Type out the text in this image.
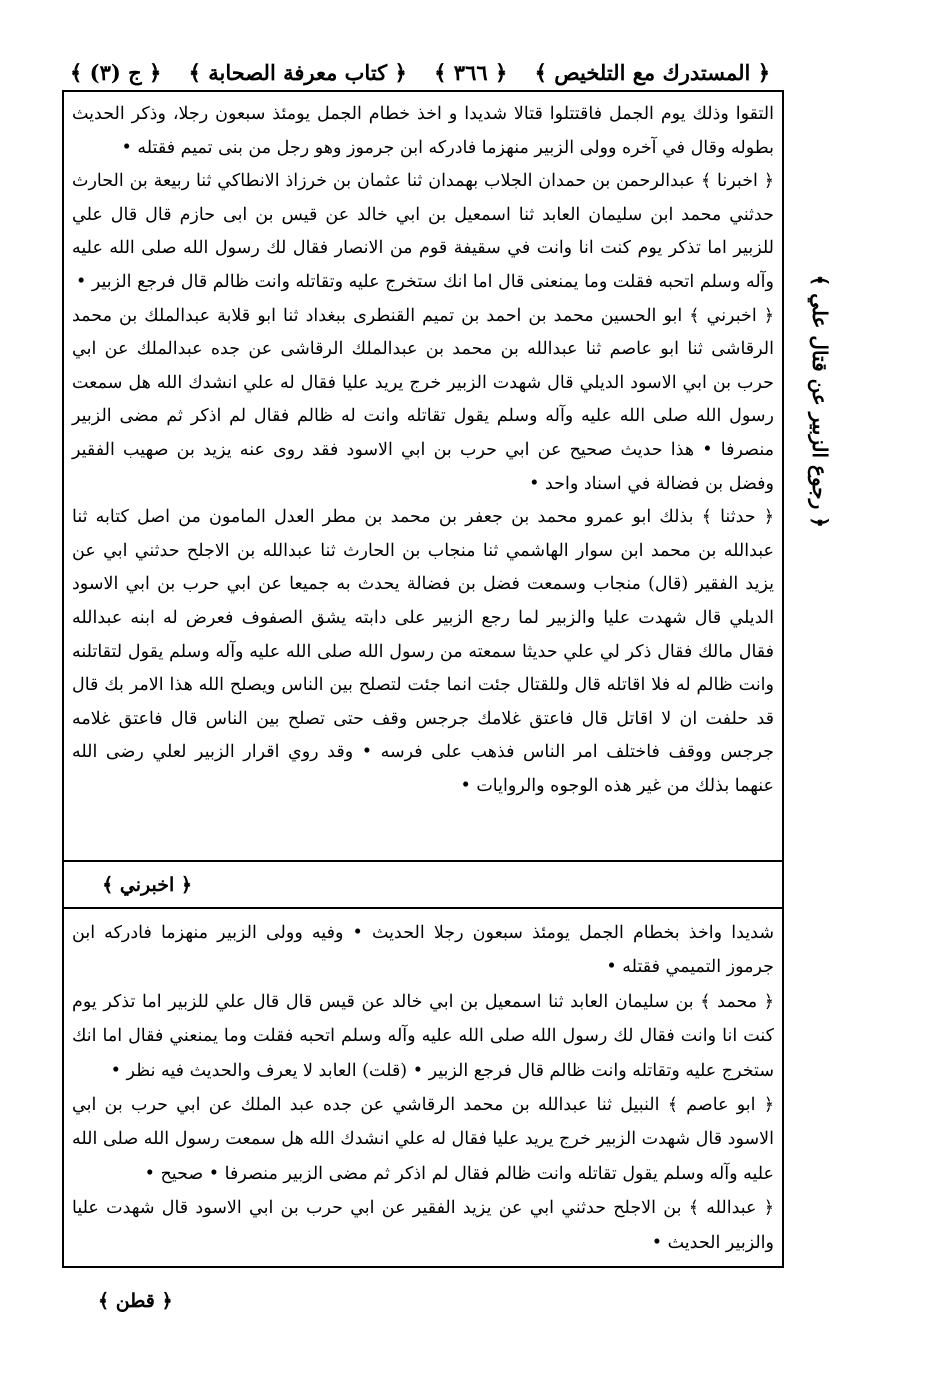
﴿ المستدرك مع التلخيص ﴾
﴿ ٣٦٦ ﴾
﴿ كتاب معرفة الصحابة ﴾
﴿ ج (٣) ﴾

التقوا وذلك يوم الجمل فاقتتلوا قتالا شديدا و اخذ خطام الجمل يومئذ سبعون رجلا، وذكر الحديث بطوله وقال في آخره وولى الزبير منهزما فادركه ابن جرموز وهو رجل من بنى تميم فقتله •

﴿ اخبرنا ﴾ عبدالرحمن بن حمدان الجلاب بهمدان ثنا عثمان بن خرزاذ الانطاكي ثنا ربيعة بن الحارث حدثني محمد ابن سليمان العابد ثنا اسمعيل بن ابي خالد عن قيس بن ابى حازم قال قال علي للزبير اما تذكر يوم كنت انا وانت في سقيفة قوم من الانصار فقال لك رسول الله صلى الله عليه وآله وسلم اتحبه فقلت وما يمنعنى قال اما انك ستخرج عليه وتقاتله وانت ظالم قال فرجع الزبير •

﴿ اخبرني ﴾ ابو الحسين محمد بن احمد بن تميم القنطرى ببغداد ثنا ابو قلابة عبدالملك بن محمد الرقاشى ثنا ابو عاصم ثنا عبدالله بن محمد بن عبدالملك الرقاشى عن جده عبدالملك عن ابي حرب بن ابي الاسود الديلي قال شهدت الزبير خرج يريد عليا فقال له علي انشدك الله هل سمعت رسول الله صلى الله عليه وآله وسلم يقول تقاتله وانت له ظالم فقال لم اذكر ثم مضى الزبير منصرفا • هذا حديث صحيح عن ابي حرب بن ابي الاسود فقد روى عنه يزيد بن صهيب الفقير وفضل بن فضالة في اسناد واحد •

﴿ حدثنا ﴾ بذلك ابو عمرو محمد بن جعفر بن محمد بن مطر العدل المامون من اصل كتابه ثنا عبدالله بن محمد ابن سوار الهاشمي ثنا منجاب بن الحارث ثنا عبدالله بن الاجلح حدثني ابي عن يزيد الفقير (قال) منجاب وسمعت فضل بن فضالة يحدث به جميعا عن ابي حرب بن ابي الاسود الديلي قال شهدت عليا والزبير لما رجع الزبير على دابته يشق الصفوف فعرض له ابنه عبدالله فقال مالك فقال ذكر لي علي حديثا سمعته من رسول الله صلى الله عليه وآله وسلم يقول لتقاتلنه وانت ظالم له فلا اقاتله قال وللقتال جئت انما جئت لتصلح بين الناس ويصلح الله هذا الامر بك قال قد حلفت ان لا اقاتل قال فاعتق غلامك جرجس وقف حتى تصلح بين الناس قال فاعتق غلامه جرجس ووقف فاختلف امر الناس فذهب على فرسه • وقد روي اقرار الزبير لعلي رضى الله عنهما بذلك من غير هذه الوجوه والروايات •

﴿ اخبرني ﴾

شديدا واخذ بخطام الجمل يومئذ سبعون رجلا الحديث • وفيه وولى الزبير منهزما فادركه ابن جرموز التميمي فقتله •

﴿ محمد ﴾ بن سليمان العابد ثنا اسمعيل بن ابي خالد عن قيس قال قال علي للزبير اما تذكر يوم كنت انا وانت فقال لك رسول الله صلى الله عليه وآله وسلم اتحبه فقلت وما يمنعني فقال اما انك ستخرج عليه وتقاتله وانت ظالم قال فرجع الزبير • (قلت) العابد لا يعرف والحديث فيه نظر •

﴿ ابو عاصم ﴾ النبيل ثنا عبدالله بن محمد الرقاشي عن جده عبد الملك عن ابي حرب بن ابي الاسود قال شهدت الزبير خرج يريد عليا فقال له علي انشدك الله هل سمعت رسول الله صلى الله عليه وآله وسلم يقول تقاتله وانت ظالم فقال لم اذكر ثم مضى الزبير منصرفا • صحيح •

﴿ عبدالله ﴾ بن الاجلح حدثني ابي عن يزيد الفقير عن ابي حرب بن ابي الاسود قال شهدت عليا والزبير الحديث •

﴿ رجوع الزبير عن قتال علي ﴾
﴿ قطن ﴾
